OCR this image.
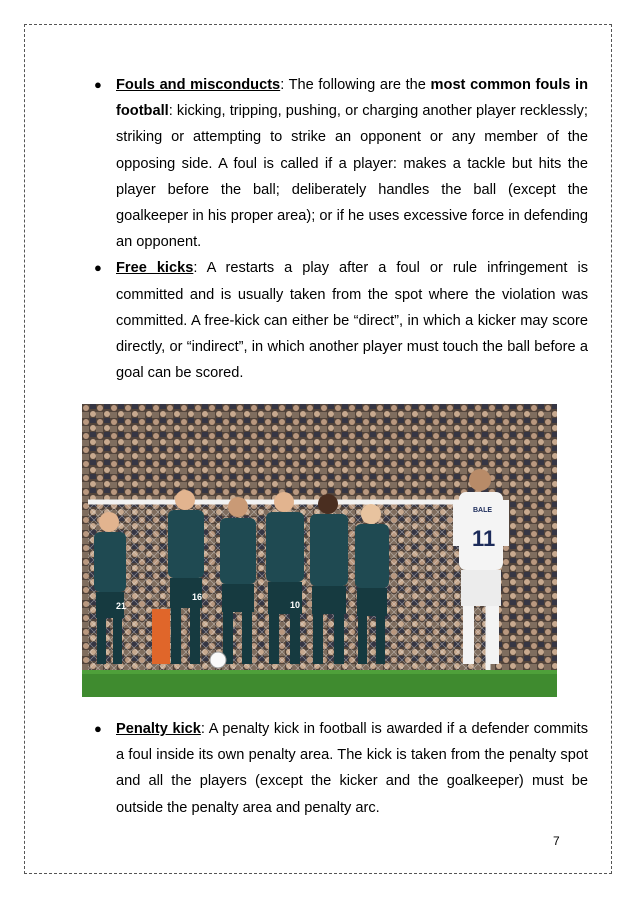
● Fouls and misconducts: The following are the most common fouls in football: kicking, tripping, pushing, or charging another player recklessly; striking or attempting to strike an opponent or any member of the opposing side. A foul is called if a player: makes a tackle but hits the player before the ball; deliberately handles the ball (except the goalkeeper in his proper area); or if he uses excessive force in defending an opponent.

● Free kicks: A restarts a play after a foul or rule infringement is committed and is usually taken from the spot where the violation was committed. A free-kick can either be “direct”, in which a kicker may score directly, or “indirect”, in which another player must touch the ball before a goal can be scored.

21
16
10
BALE
11

● Penalty kick: A penalty kick in football is awarded if a defender commits a foul inside its own penalty area. The kick is taken from the penalty spot and all the players (except the kicker and the goalkeeper) must be outside the penalty area and penalty arc.

7
